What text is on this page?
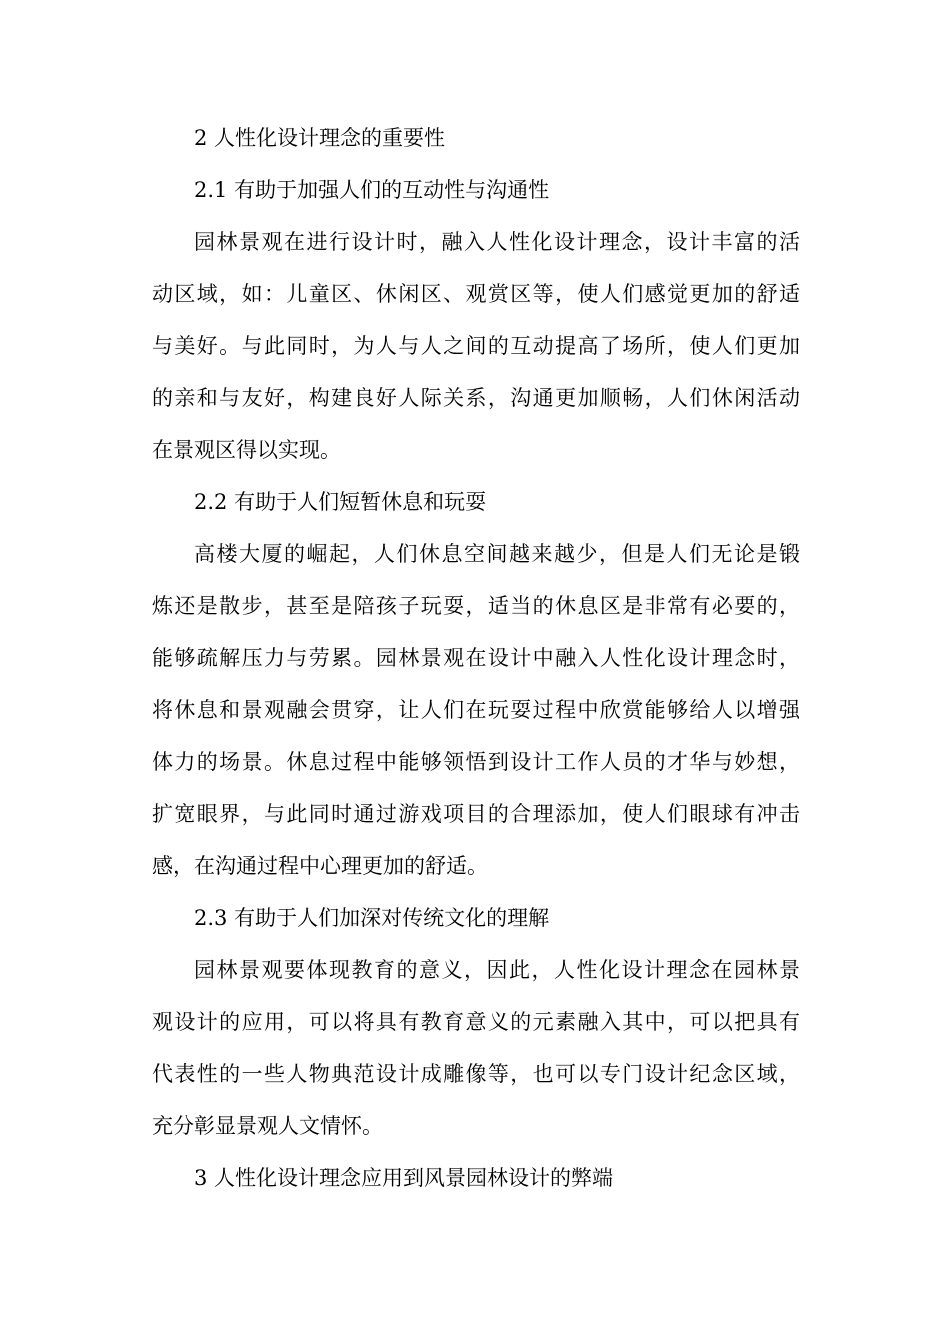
2 人性化设计理念的重要性
2.1 有助于加强人们的互动性与沟通性
园林景观在进行设计时，融入人性化设计理念，设计丰富的活
动区域，如：儿童区、休闲区、观赏区等，使人们感觉更加的舒适
与美好。与此同时，为人与人之间的互动提高了场所，使人们更加
的亲和与友好，构建良好人际关系，沟通更加顺畅，人们休闲活动
在景观区得以实现。
2.2 有助于人们短暂休息和玩耍
高楼大厦的崛起，人们休息空间越来越少，但是人们无论是锻
炼还是散步，甚至是陪孩子玩耍，适当的休息区是非常有必要的，
能够疏解压力与劳累。园林景观在设计中融入人性化设计理念时，
将休息和景观融会贯穿，让人们在玩耍过程中欣赏能够给人以增强
体力的场景。休息过程中能够领悟到设计工作人员的才华与妙想，
扩宽眼界，与此同时通过游戏项目的合理添加，使人们眼球有冲击
感，在沟通过程中心理更加的舒适。
2.3 有助于人们加深对传统文化的理解
园林景观要体现教育的意义，因此，人性化设计理念在园林景
观设计的应用，可以将具有教育意义的元素融入其中，可以把具有
代表性的一些人物典范设计成雕像等，也可以专门设计纪念区域，
充分彰显景观人文情怀。
3 人性化设计理念应用到风景园林设计的弊端
